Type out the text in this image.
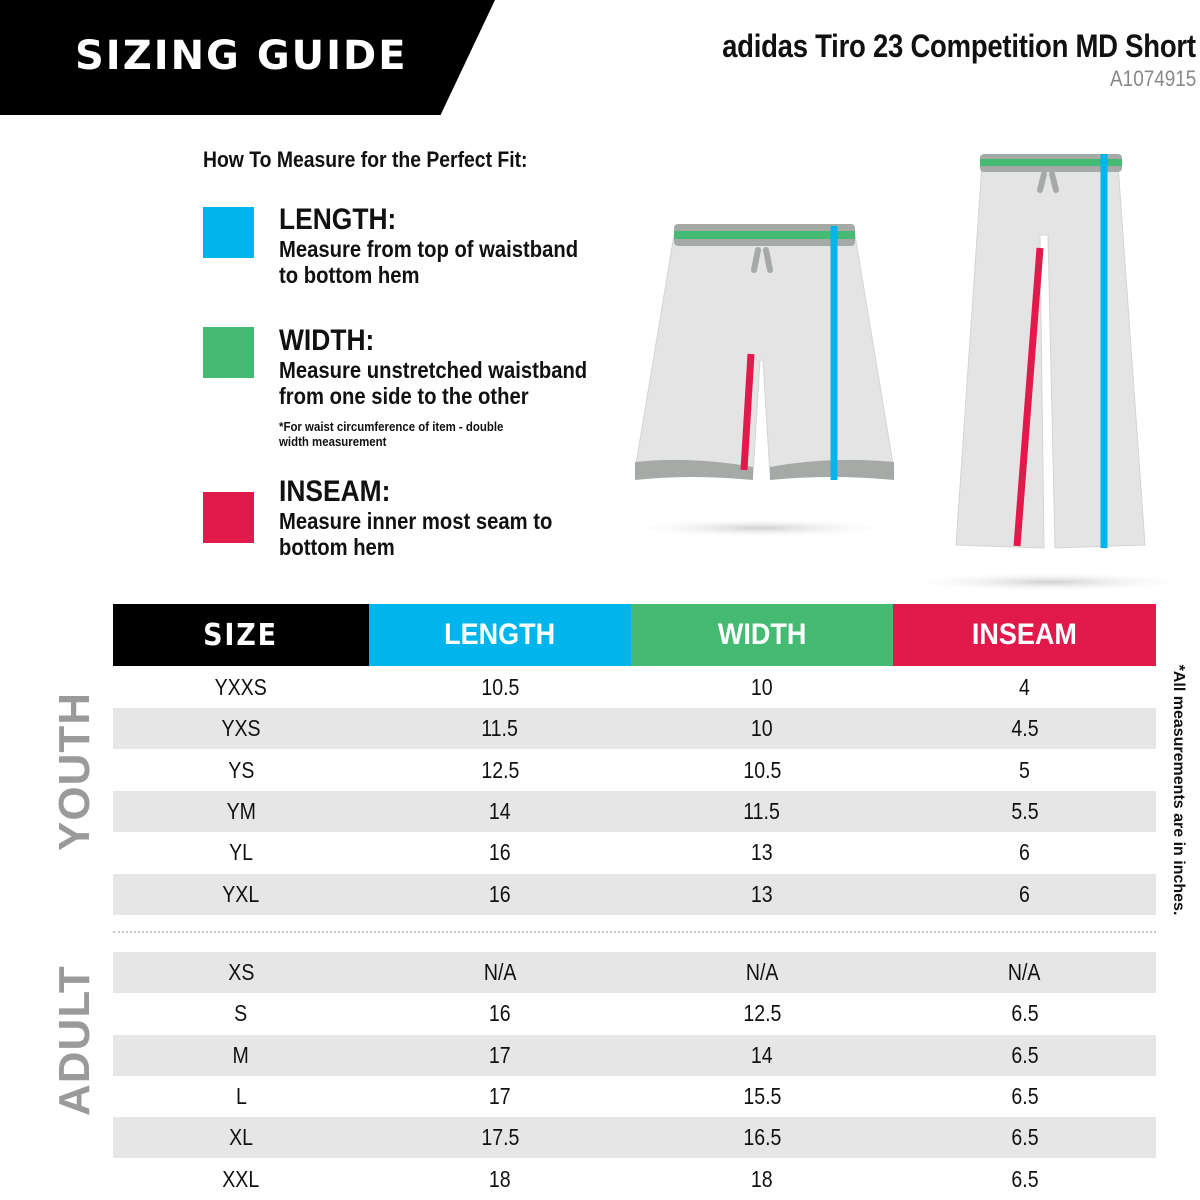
SIZING GUIDE	adidas Tiro 23 Competition MD Short
A1074915
How To Measure for the Perfect Fit:
LENGTH:
Measure from top of waistband
to bottom hem
WIDTH:
Measure unstretched waistband
from one side to the other
*For waist circumference of item - double
width measurement
INSEAM:
Measure inner most seam to
bottom hem
SIZE	LENGTH	WIDTH	INSEAM
YXXS	10.5	10	4
YXS	11.5	10	4.5
YS	12.5	10.5	5
YM	14	11.5	5.5
YL	16	13	6
YXL	16	13	6
XS	N/A	N/A	N/A
S	16	12.5	6.5
M	17	14	6.5
L	17	15.5	6.5
XL	17.5	16.5	6.5
XXL	18	18	6.5
YOUTH
ADULT
*All measurements are in inches.
